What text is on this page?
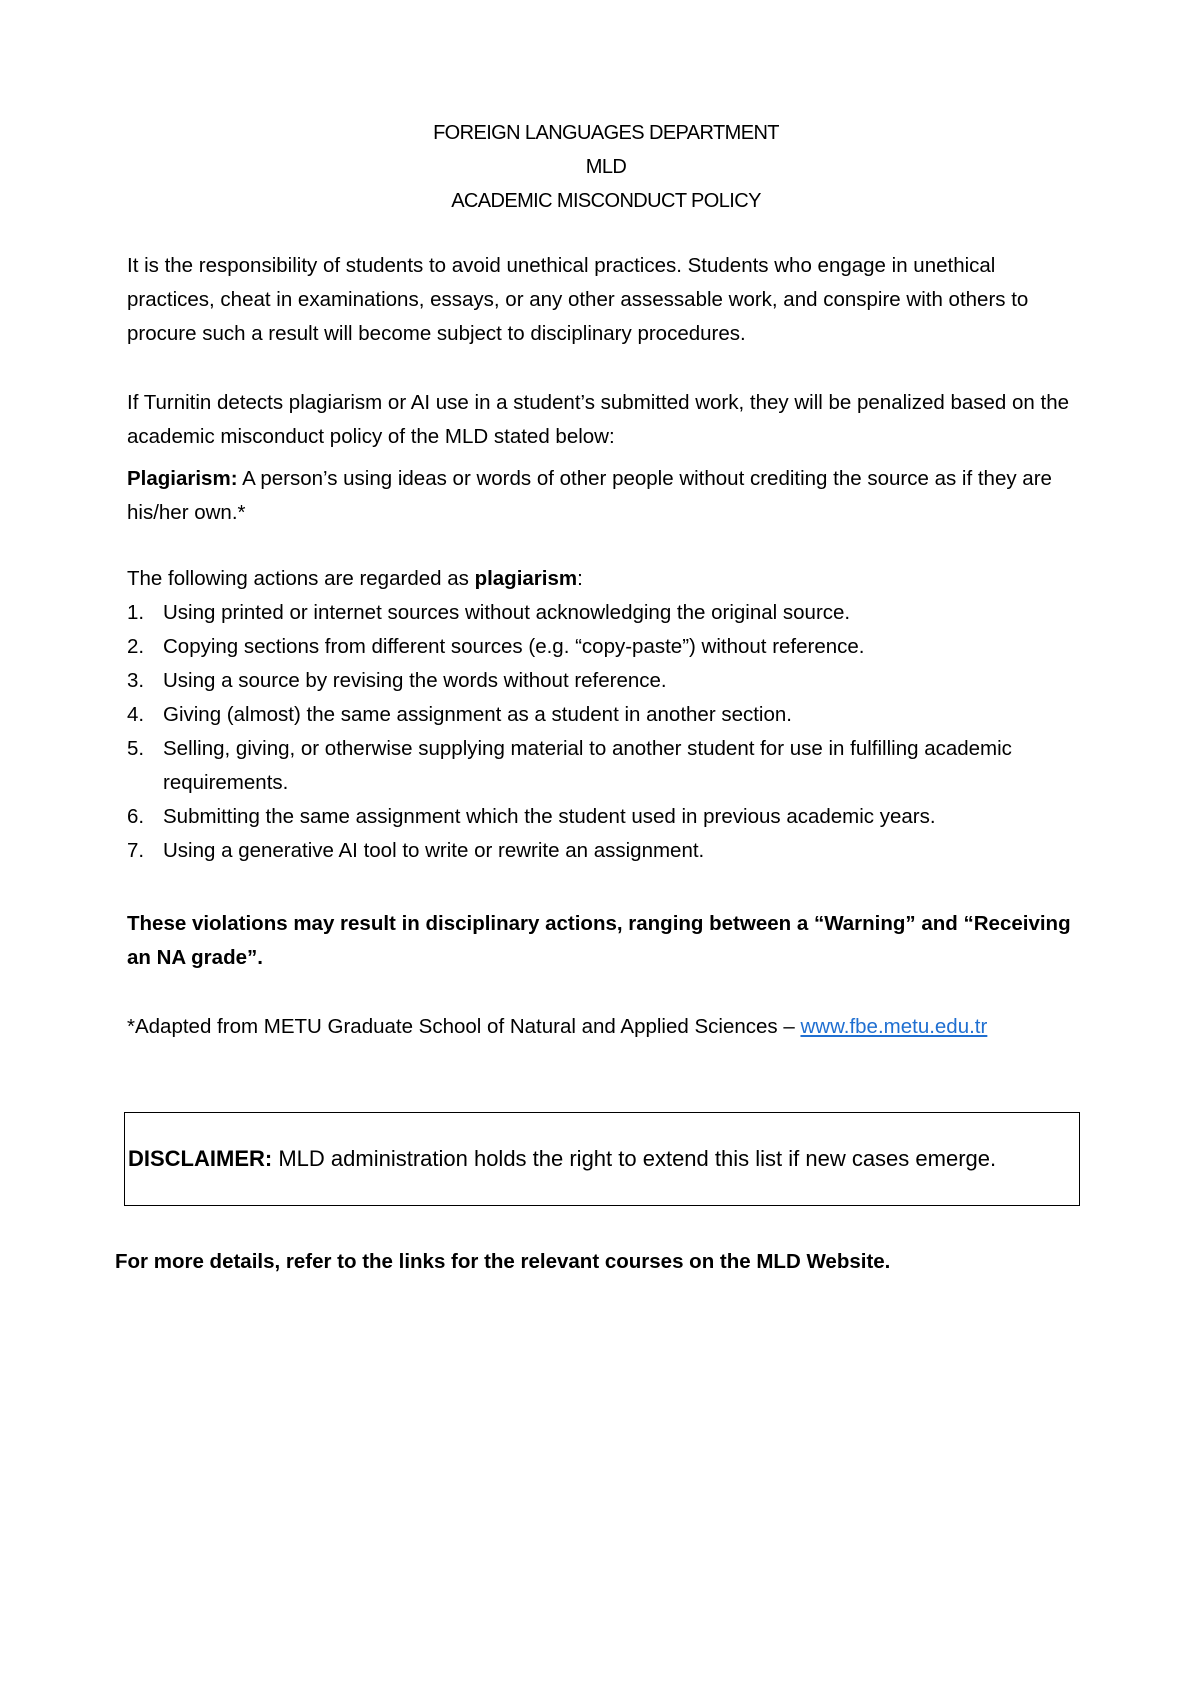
FOREIGN LANGUAGES DEPARTMENT
MLD
ACADEMIC MISCONDUCT POLICY
It is the responsibility of students to avoid unethical practices. Students who engage in unethical practices, cheat in examinations, essays, or any other assessable work, and conspire with others to procure such a result will become subject to disciplinary procedures.
If Turnitin detects plagiarism or AI use in a student’s submitted work, they will be penalized based on the academic misconduct policy of the MLD stated below:
Plagiarism: A person’s using ideas or words of other people without crediting the source as if they are his/her own.*
The following actions are regarded as plagiarism:
1. Using printed or internet sources without acknowledging the original source.
2. Copying sections from different sources (e.g. “copy-paste”) without reference.
3. Using a source by revising the words without reference.
4. Giving (almost) the same assignment as a student in another section.
5. Selling, giving, or otherwise supplying material to another student for use in fulfilling academic requirements.
6. Submitting the same assignment which the student used in previous academic years.
7. Using a generative AI tool to write or rewrite an assignment.
These violations may result in disciplinary actions, ranging between a “Warning” and “Receiving an NA grade”.
*Adapted from METU Graduate School of Natural and Applied Sciences – www.fbe.metu.edu.tr
DISCLAIMER: MLD administration holds the right to extend this list if new cases emerge.
For more details, refer to the links for the relevant courses on the MLD Website.
